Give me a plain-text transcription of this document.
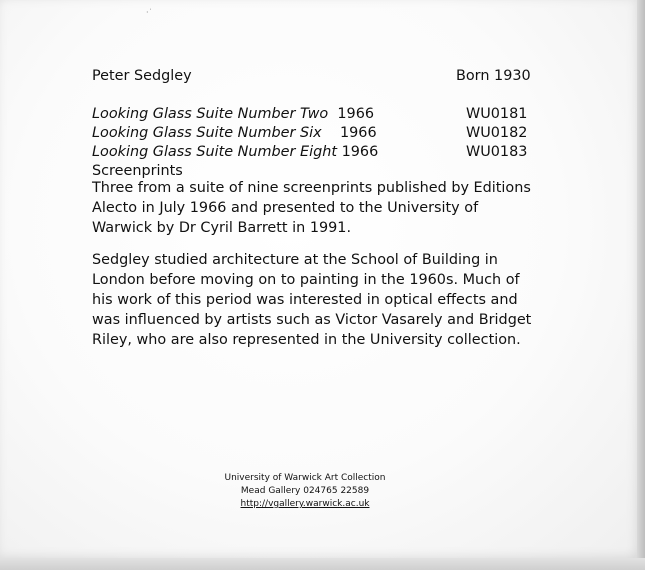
·˙
Peter Sedgley	Born 1930
Looking Glass Suite Number Two 1966	WU0181
Looking Glass Suite Number Six 1966	WU0182
Looking Glass Suite Number Eight 1966	WU0183
Screenprints
Three from a suite of nine screenprints published by Editions Alecto in July 1966 and presented to the University of Warwick by Dr Cyril Barrett in 1991.
Sedgley studied architecture at the School of Building in London before moving on to painting in the 1960s. Much of his work of this period was interested in optical effects and was influenced by artists such as Victor Vasarely and Bridget Riley, who are also represented in the University collection.
University of Warwick Art Collection
Mead Gallery 024765 22589
http://vgallery.warwick.ac.uk
